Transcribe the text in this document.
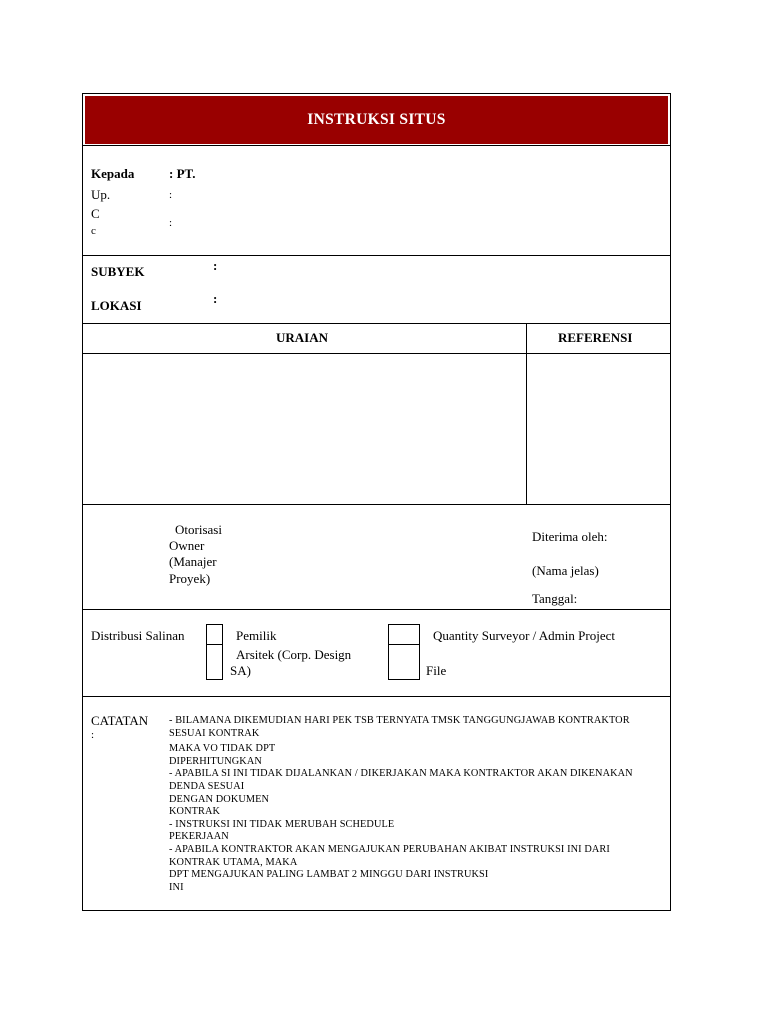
INSTRUKSI SITUS
Kepada	: PT.
Up.	:
C
:
c
SUBYEK	:
LOKASI	:
URAIAN	REFERENSI
Otorisasi
Owner
(Manajer
Proyek)
Diterima oleh:
(Nama jelas)
Tanggal:
Distribusi Salinan	Pemilik
Arsitek (Corp. Design
SA)
Quantity Surveyor / Admin Project
File
CATATAN
:
- BILAMANA DIKEMUDIAN HARI PEK TSB TERNYATA TMSK TANGGUNGJAWAB KONTRAKTOR
SESUAI KONTRAK
MAKA VO TIDAK DPT
DIPERHITUNGKAN
- APABILA SI INI TIDAK DIJALANKAN / DIKERJAKAN MAKA KONTRAKTOR AKAN DIKENAKAN
DENDA SESUAI
DENGAN DOKUMEN
KONTRAK
- INSTRUKSI INI TIDAK MERUBAH SCHEDULE
PEKERJAAN
- APABILA KONTRAKTOR AKAN MENGAJUKAN PERUBAHAN AKIBAT INSTRUKSI INI DARI
KONTRAK UTAMA, MAKA
DPT MENGAJUKAN PALING LAMBAT 2 MINGGU DARI INSTRUKSI
INI
